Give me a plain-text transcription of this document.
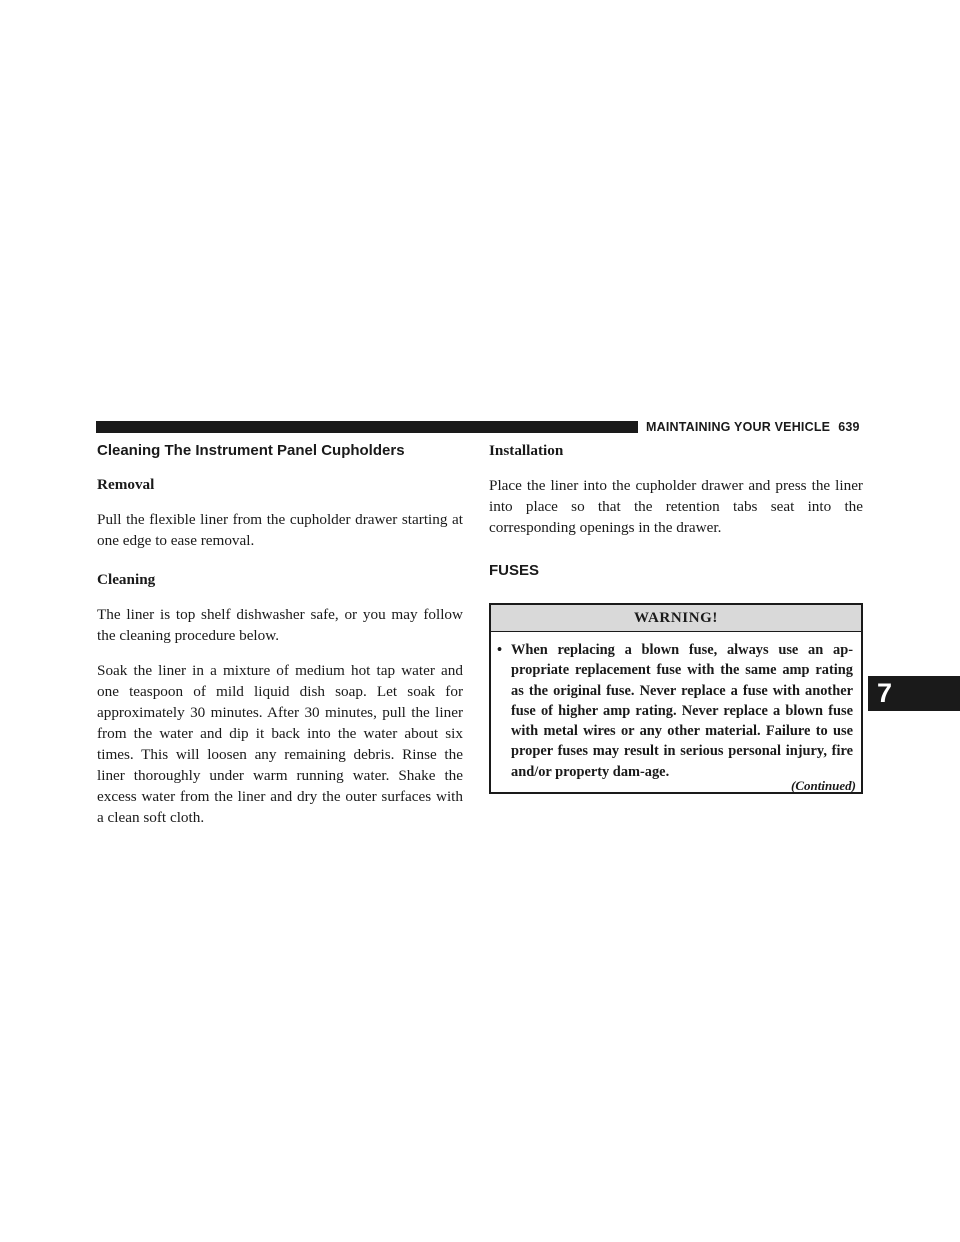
MAINTAINING YOUR VEHICLE 639
Cleaning The Instrument Panel Cupholders
Removal

Pull the flexible liner from the cupholder drawer starting at one edge to ease removal.

Cleaning

The liner is top shelf dishwasher safe, or you may follow the cleaning procedure below.

Soak the liner in a mixture of medium hot tap water and one teaspoon of mild liquid dish soap. Let soak for approximately 30 minutes. After 30 minutes, pull the liner from the water and dip it back into the water about six times. This will loosen any remaining debris. Rinse the liner thoroughly under warm running water. Shake the excess water from the liner and dry the outer surfaces with a clean soft cloth.

Installation

Place the liner into the cupholder drawer and press the liner into place so that the retention tabs seat into the corresponding openings in the drawer.

FUSES
WARNING!
• When replacing a blown fuse, always use an ap-propriate replacement fuse with the same amp rating as the original fuse. Never replace a fuse with another fuse of higher amp rating. Never replace a blown fuse with metal wires or any other material. Failure to use proper fuses may result in serious personal injury, fire and/or property dam-age.
(Continued)
7
